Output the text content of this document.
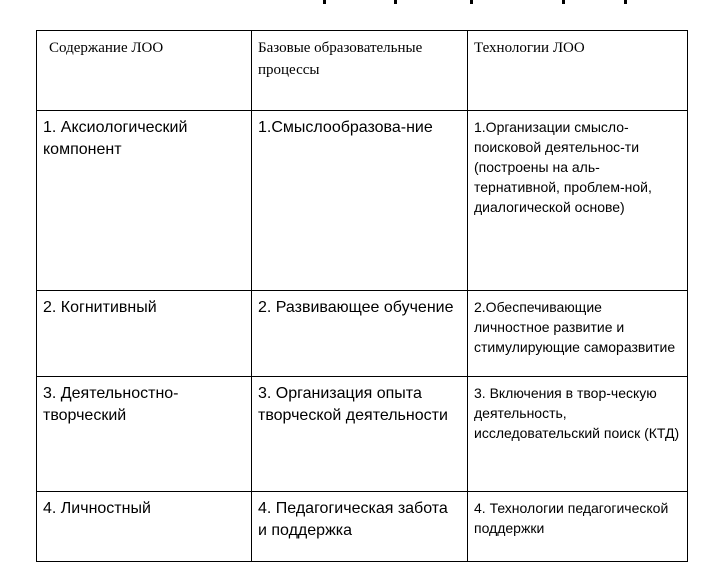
Содержание ЛОО	Базовые образовательные процессы	Технологии ЛОО
1. Аксиологический компонент	1.Смыслообразова-ние	1.Организации смысло-поисковой деятельнос-ти (построены на аль-тернативной, проблем-ной, диалогической основе)
2. Когнитивный	2. Развивающее обучение	2.Обеспечивающие личностное развитие и стимулирующие саморазвитие
3. Деятельностно-творческий	3. Организация опыта творческой деятельности	3. Включения в твор-ческую деятельность, исследовательский поиск (КТД)
4. Личностный	4. Педагогическая забота и поддержка	4. Технологии педагогической поддержки
